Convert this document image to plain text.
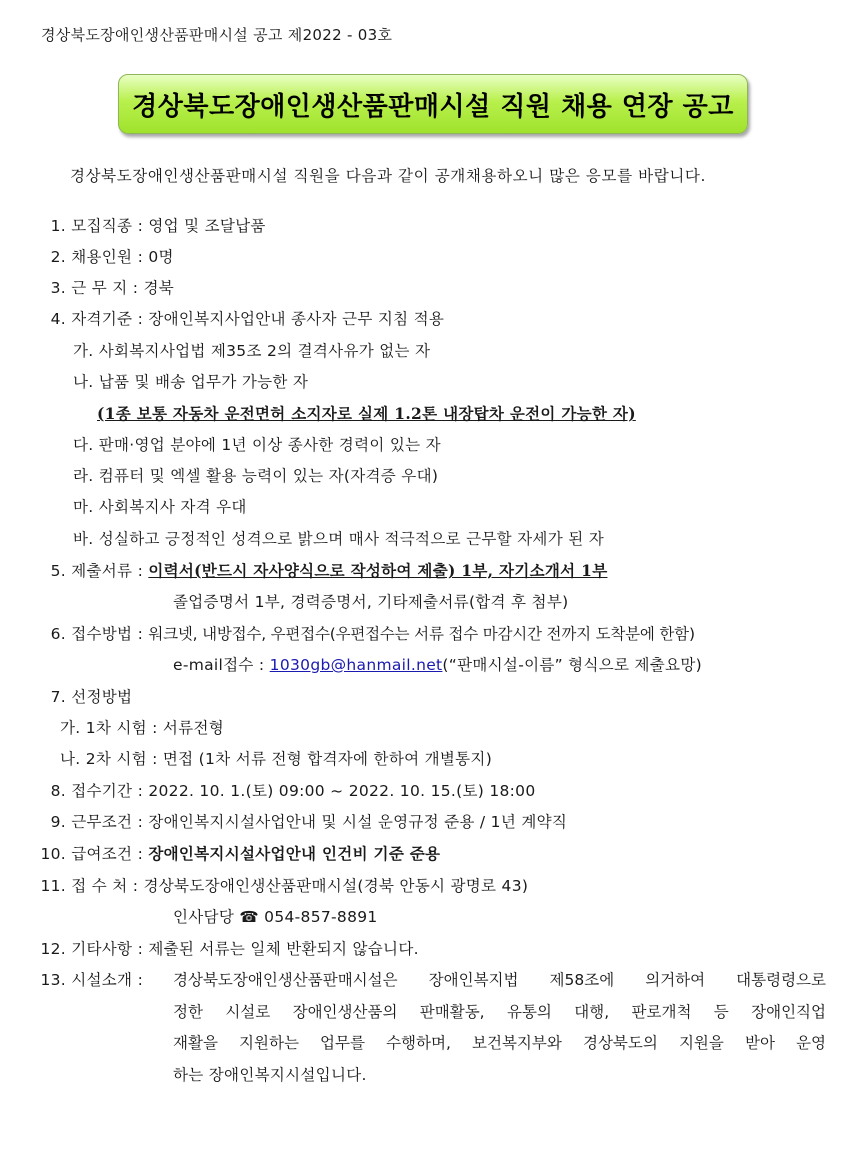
경상북도장애인생산품판매시설 공고 제2022 - 03호
경상북도장애인생산품판매시설 직원 채용 연장 공고
경상북도장애인생산품판매시설 직원을 다음과 같이 공개채용하오니 많은 응모를 바랍니다.
1. 모집직종 : 영업 및 조달납품
2. 채용인원 : 0명
3. 근 무 지 : 경북
4. 자격기준 : 장애인복지사업안내 종사자 근무 지침 적용
가. 사회복지사업법 제35조 2의 결격사유가 없는 자
나. 납품 및 배송 업무가 가능한 자
(1종 보통 자동차 운전면허 소지자로 실제 1.2톤 내장탑차 운전이 가능한 자)
다. 판매·영업 분야에 1년 이상 종사한 경력이 있는 자
라. 컴퓨터 및 엑셀 활용 능력이 있는 자(자격증 우대)
마. 사회복지사 자격 우대
바. 성실하고 긍정적인 성격으로 밝으며 매사 적극적으로 근무할 자세가 된 자
5. 제출서류 : 이력서(반드시 자사양식으로 작성하여 제출) 1부, 자기소개서 1부
졸업증명서 1부, 경력증명서, 기타제출서류(합격 후 첨부)
6. 접수방법 : 워크넷, 내방접수, 우편접수(우편접수는 서류 접수 마감시간 전까지 도착분에 한함)
e-mail접수 : 1030gb@hanmail.net(“판매시설-이름” 형식으로 제출요망)
7. 선정방법
가. 1차 시험 : 서류전형
나. 2차 시험 : 면접 (1차 서류 전형 합격자에 한하여 개별통지)
8. 접수기간 : 2022. 10. 1.(토) 09:00 ~ 2022. 10. 15.(토) 18:00
9. 근무조건 : 장애인복지시설사업안내 및 시설 운영규정 준용 / 1년 계약직
10. 급여조건 : 장애인복지시설사업안내 인건비 기준 준용
11. 접 수 처 : 경상북도장애인생산품판매시설(경북 안동시 광명로 43)
인사담당 ☎ 054-857-8891
12. 기타사항 : 제출된 서류는 일체 반환되지 않습니다.
13. 시설소개 : 경상북도장애인생산품판매시설은 장애인복지법 제58조에 의거하여 대통령령으로
정한 시설로 장애인생산품의 판매활동, 유통의 대행, 판로개척 등 장애인직업
재활을 지원하는 업무를 수행하며, 보건복지부와 경상북도의 지원을 받아 운영
하는 장애인복지시설입니다.
